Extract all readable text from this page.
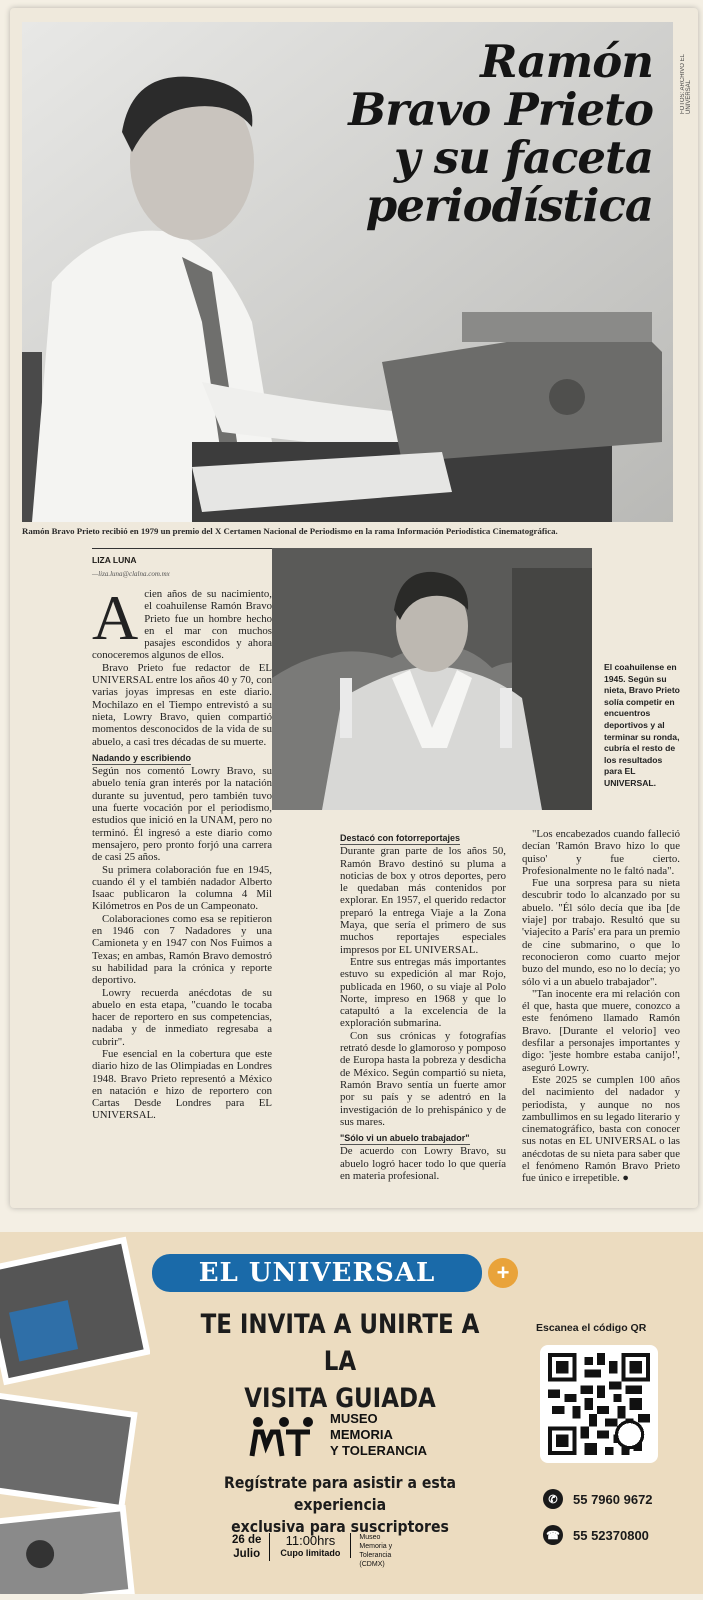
FOTOS: ARCHIVO EL UNIVERSAL
Ramón
Bravo Prieto
y su faceta
periodística
Ramón Bravo Prieto recibió en 1979 un premio del X Certamen Nacional de Periodismo en la rama Información Periodística Cinematográfica.
LIZA LUNA
—liza.luna@clalna.com.mx

Acien años de su nacimiento, el coahuilense Ramón Bravo Prieto fue un hombre hecho en el mar con muchos pasajes escondidos y ahora conoceremos algunos de ellos.

Bravo Prieto fue redactor de EL UNIVERSAL entre los años 40 y 70, con varias joyas impresas en este diario. Mochilazo en el Tiempo entrevistó a su nieta, Lowry Bravo, quien compartió momentos desconocidos de la vida de su abuelo, a casi tres décadas de su muerte.

Nadando y escribiendo

Según nos comentó Lowry Bravo, su abuelo tenía gran interés por la natación durante su juventud, pero también tuvo una fuerte vocación por el periodismo, estudios que inició en la UNAM, pero no terminó. Él ingresó a este diario como mensajero, pero pronto forjó una carrera de casi 25 años.

Su primera colaboración fue en 1945, cuando él y el también nadador Alberto Isaac publicaron la columna 4 Mil Kilómetros en Pos de un Campeonato.

Colaboraciones como esa se repitieron en 1946 con 7 Nadadores y una Camioneta y en 1947 con Nos Fuimos a Texas; en ambas, Ramón Bravo demostró su habilidad para la crónica y reporte deportivo.

Lowry recuerda anécdotas de su abuelo en esta etapa, "cuando le tocaba hacer de reportero en sus competencias, nadaba y de inmediato regresaba a cubrir".

Fue esencial en la cobertura que este diario hizo de las Olimpiadas en Londres 1948. Bravo Prieto representó a México en natación e hizo de reportero con Cartas Desde Londres para EL UNIVERSAL.

El coahuilense en 1945. Según su nieta, Bravo Prieto solía competir en encuentros deportivos y al terminar su ronda, cubría el resto de los resultados para EL UNIVERSAL.
Destacó con fotorreportajes

Durante gran parte de los años 50, Ramón Bravo destinó su pluma a noticias de box y otros deportes, pero le quedaban más contenidos por explorar. En 1957, el querido redactor preparó la entrega Viaje a la Zona Maya, que sería el primero de sus muchos reportajes especiales impresos por EL UNIVERSAL.

Entre sus entregas más importantes estuvo su expedición al mar Rojo, publicada en 1960, o su viaje al Polo Norte, impreso en 1968 y que lo catapultó a la excelencia de la exploración submarina.

Con sus crónicas y fotografías retrató desde lo glamoroso y pomposo de Europa hasta la pobreza y desdicha de México. Según compartió su nieta, Ramón Bravo sentía un fuerte amor por su país y se adentró en la investigación de lo prehispánico y de sus mares.

"Sólo vi un abuelo trabajador"

De acuerdo con Lowry Bravo, su abuelo logró hacer todo lo que quería en materia profesional.

"Los encabezados cuando falleció decían 'Ramón Bravo hizo lo que quiso' y fue cierto. Profesionalmente no le faltó nada".

Fue una sorpresa para su nieta descubrir todo lo alcanzado por su abuelo. "Él sólo decía que iba [de viaje] por trabajo. Resultó que su 'viajecito a París' era para un premio de cine submarino, o que lo reconocieron como cuarto mejor buzo del mundo, eso no lo decía; yo sólo vi a un abuelo trabajador".

"Tan inocente era mi relación con él que, hasta que muere, conozco a este fenómeno llamado Ramón Bravo. [Durante el velorio] veo desfilar a personajes importantes y digo: 'jeste hombre estaba canijo!', aseguró Lowry.

Este 2025 se cumplen 100 años del nacimiento del nadador y periodista, y aunque no nos zambullimos en su legado literario y cinematográfico, basta con conocer sus notas en EL UNIVERSAL o las anécdotas de su nieta para saber que el fenómeno Ramón Bravo Prieto fue único e irrepetible. ●

EL UNIVERSAL	+
TE INVITA A UNIRTE A LA
VISITA GUIADA
MUSEO
MEMORIA
Y TOLERANCIA
Regístrate para asistir a esta experiencia
exclusiva para suscriptores
26 de
Julio
11:00hrs
Cupo limitado
Museo
Memoria y
Tolerancia
(CDMX)
Escanea el código QR
✆	55 7960 9672
☎ 55 52370800
